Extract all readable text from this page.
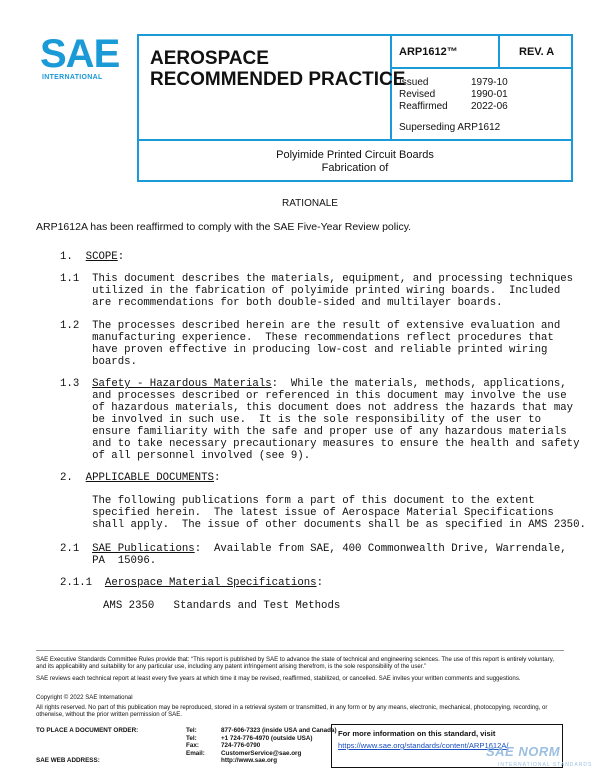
SAE
INTERNATIONAL
AEROSPACE
RECOMMENDED PRACTICE
ARP1612™	REV. A
Issued	1979-10
Revised	1990-01
Reaffirmed	2022-06
Superseding ARP1612
Polyimide Printed Circuit Boards
Fabrication of
RATIONALE
ARP1612A has been reaffirmed to comply with the SAE Five-Year Review policy.
1. SCOPE:
1.1  This document describes the materials, equipment, and processing techniques
utilized in the fabrication of polyimide printed wiring boards.  Included
are recommendations for both double-sided and multilayer boards.
1.2  The processes described herein are the result of extensive evaluation and
manufacturing experience.  These recommendations reflect procedures that
have proven effective in producing low-cost and reliable printed wiring
boards.
1.3  Safety - Hazardous Materials:  While the materials, methods, applications,
and processes described or referenced in this document may involve the use
of hazardous materials, this document does not address the hazards that may
be involved in such use.  It is the sole responsibility of the user to
ensure familiarity with the safe and proper use of any hazardous materials
and to take necessary precautionary measures to ensure the health and safety
of all personnel involved (see 9).
2. APPLICABLE DOCUMENTS:
The following publications form a part of this document to the extent
specified herein.  The latest issue of Aerospace Material Specifications
shall apply.  The issue of other documents shall be as specified in AMS 2350.
2.1  SAE Publications:  Available from SAE, 400 Commonwealth Drive, Warrendale,
PA  15096.
2.1.1  Aerospace Material Specifications:
AMS 2350   Standards and Test Methods
SAE Executive Standards Committee Rules provide that: “This report is published by SAE to advance the state of technical and engineering sciences. The use of this report is entirely voluntary, and its applicability and suitability for any particular use, including any patent infringement arising therefrom, is the sole responsibility of the user.”
SAE reviews each technical report at least every five years at which time it may be revised, reaffirmed, stabilized, or cancelled. SAE invites your written comments and suggestions.
Copyright © 2022 SAE International
All rights reserved. No part of this publication may be reproduced, stored in a retrieval system or transmitted, in any form or by any means, electronic, mechanical, photocopying, recording, or otherwise, without the prior written permission of SAE.
TO PLACE A DOCUMENT ORDER:	Tel:	877-606-7323 (inside USA and Canada)
Tel:	+1 724-776-4970 (outside USA)
Fax:	724-776-0790
Email:	CustomerService@sae.org
SAE WEB ADDRESS:	http://www.sae.org
For more information on this standard, visit
https://www.sae.org/standards/content/ARP1612A/
SAE NORM
INTERNATIONAL STANDARDS
